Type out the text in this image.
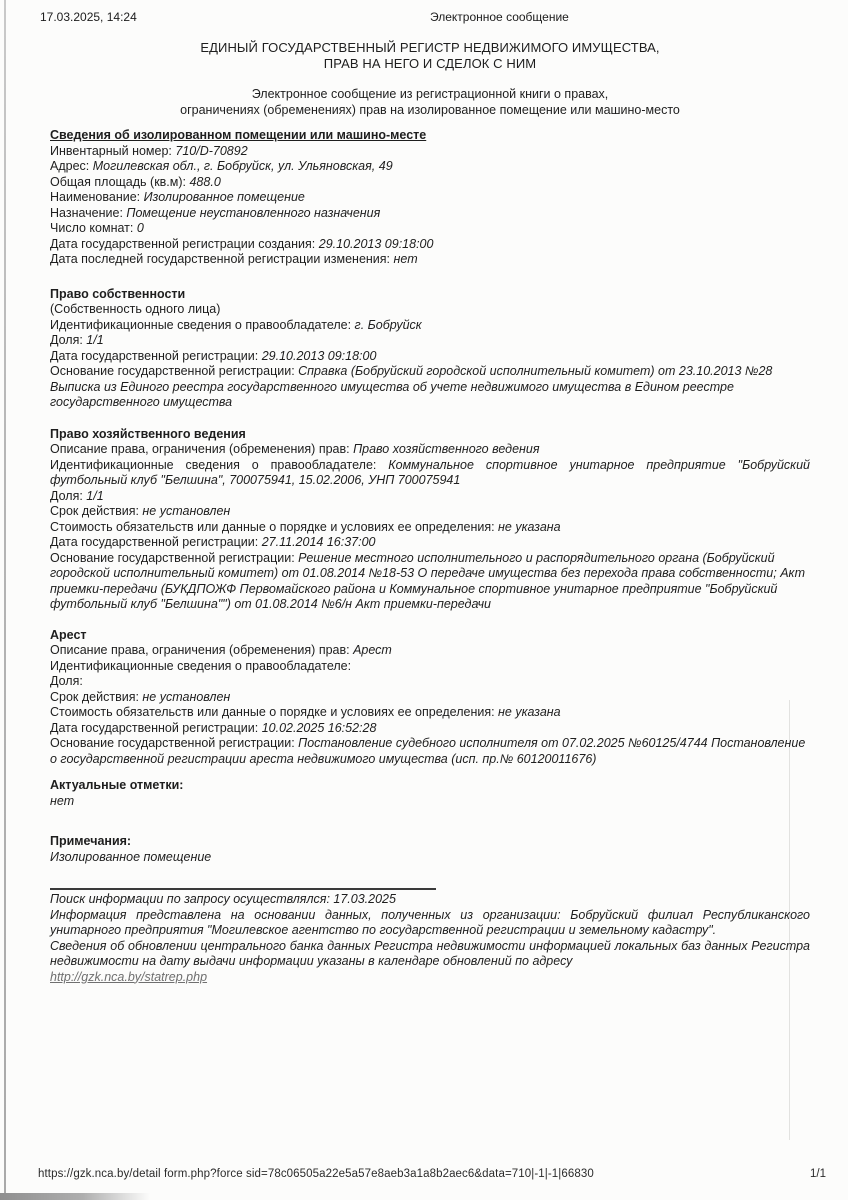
17.03.2025, 14:24	Электронное сообщение

ЕДИНЫЙ ГОСУДАРСТВЕННЫЙ РЕГИСТР НЕДВИЖИМОГО ИМУЩЕСТВА,

ПРАВ НА НЕГО И СДЕЛОК С НИМ

Электронное сообщение из регистрационной книги о правах,

ограничениях (обременениях) прав на изолированное помещение или машино-место

Сведения об изолированном помещении или машино-месте

Инвентарный номер: 710/D-70892

Адрес: Могилевская обл., г. Бобруйск, ул. Ульяновская, 49

Общая площадь (кв.м): 488.0

Наименование: Изолированное помещение

Назначение: Помещение неустановленного назначения

Число комнат: 0

Дата государственной регистрации создания: 29.10.2013 09:18:00

Дата последней государственной регистрации изменения: нет

Право собственности

(Собственность одного лица)

Идентификационные сведения о правообладателе: г. Бобруйск

Доля: 1/1

Дата государственной регистрации: 29.10.2013 09:18:00

Основание государственной регистрации: Справка (Бобруйский городской исполнительный комитет) от 23.10.2013 №28 Выписка из Единого реестра государственного имущества об учете недвижимого имущества в Едином реестре государственного имущества

Право хозяйственного ведения

Описание права, ограничения (обременения) прав: Право хозяйственного ведения

Идентификационные сведения о правообладателе: Коммунальное спортивное унитарное предприятие "Бобруйский футбольный клуб "Белшина", 700075941, 15.02.2006, УНП 700075941

Доля: 1/1

Срок действия: не установлен

Стоимость обязательств или данные о порядке и условиях ее определения: не указана

Дата государственной регистрации: 27.11.2014 16:37:00

Основание государственной регистрации: Решение местного исполнительного и распорядительного органа (Бобруйский городской исполнительный комитет) от 01.08.2014 №18-53 О передаче имущества без перехода права собственности; Акт приемки-передачи (БУКДПОЖФ Первомайского района и Коммунальное спортивное унитарное предприятие "Бобруйский футбольный клуб "Белшина"") от 01.08.2014 №6/н Акт приемки-передачи

Арест

Описание права, ограничения (обременения) прав: Арест

Идентификационные сведения о правообладателе:

Доля:

Срок действия: не установлен

Стоимость обязательств или данные о порядке и условиях ее определения: не указана

Дата государственной регистрации: 10.02.2025 16:52:28

Основание государственной регистрации: Постановление судебного исполнителя от 07.02.2025 №60125/4744 Постановление о государственной регистрации ареста недвижимого имущества (исп. пр.№ 60120011676)

Актуальные отметки:

нет

Примечания:

Изолированное помещение

Поиск информации по запросу осуществлялся: 17.03.2025

Информация представлена на основании данных, полученных из организации: Бобруйский филиал Республиканского унитарного предприятия "Могилевское агентство по государственной регистрации и земельному кадастру".

Сведения об обновлении центрального банка данных Регистра недвижимости информацией локальных баз данных Регистра недвижимости на дату выдачи информации указаны в календаре обновлений по адресу

http://gzk.nca.by/statrep.php

https://gzk.nca.by/detail form.php?force sid=78c06505a22e5a57e8aeb3a1a8b2aec6&data=710|-1|-1|66830	1/1
